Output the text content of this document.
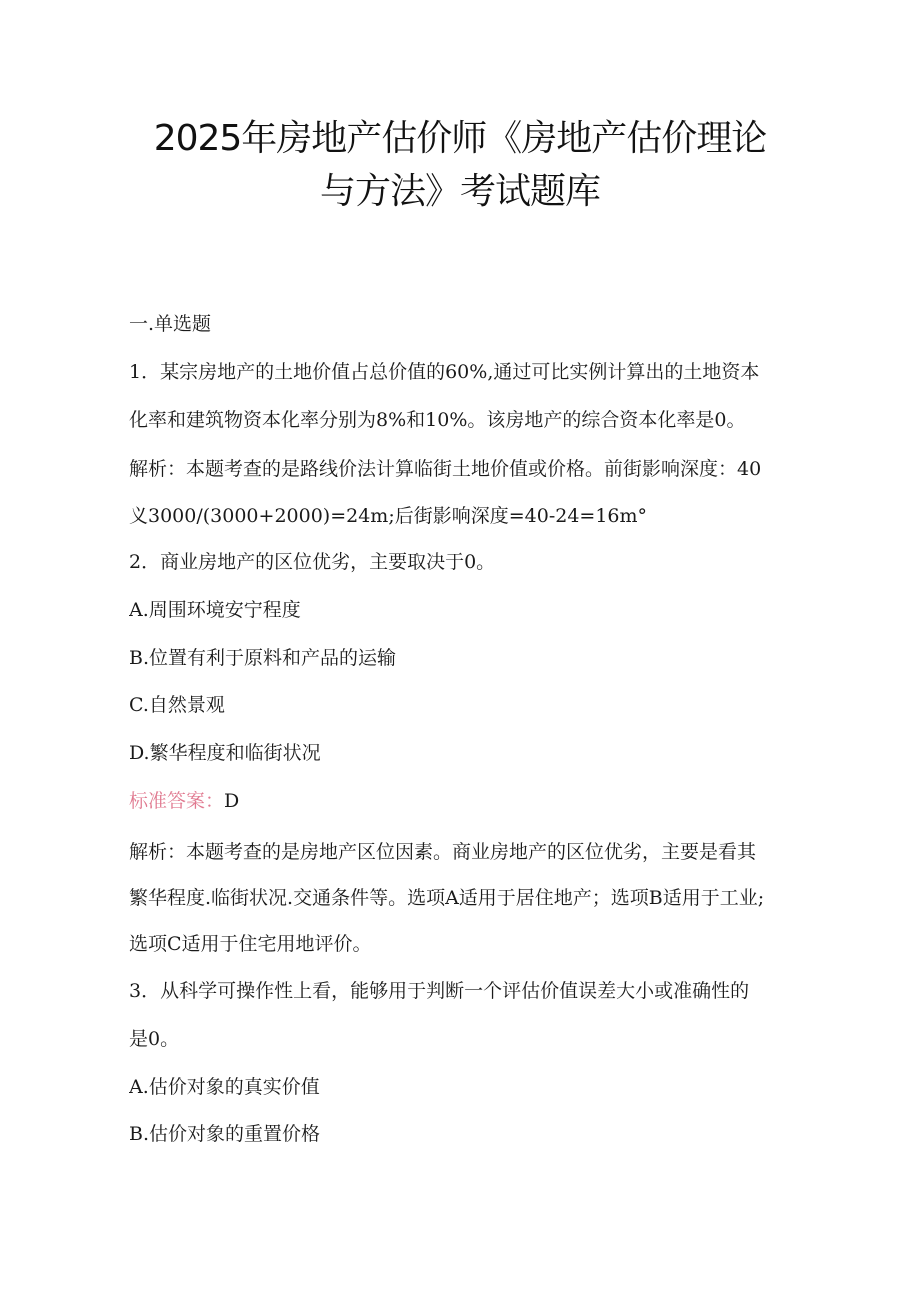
2025年房地产估价师《房地产估价理论
与方法》考试题库
一.单选题
1．某宗房地产的土地价值占总价值的60%,通过可比实例计算出的土地资本
化率和建筑物资本化率分别为8%和10%。该房地产的综合资本化率是0。
解析：本题考查的是路线价法计算临街土地价值或价格。前街影响深度：40
义3000/(3000+2000)=24m;后街影响深度=40-24=16m°
2．商业房地产的区位优劣，主要取决于0。
A.周围环境安宁程度
B.位置有利于原料和产品的运输
C.自然景观
D.繁华程度和临街状况
标准答案：D
解析：本题考查的是房地产区位因素。商业房地产的区位优劣，主要是看其
繁华程度.临街状况.交通条件等。选项A适用于居住地产；选项B适用于工业;
选项C适用于住宅用地评价。
3．从科学可操作性上看，能够用于判断一个评估价值误差大小或准确性的
是0。
A.估价对象的真实价值
B.估价对象的重置价格
